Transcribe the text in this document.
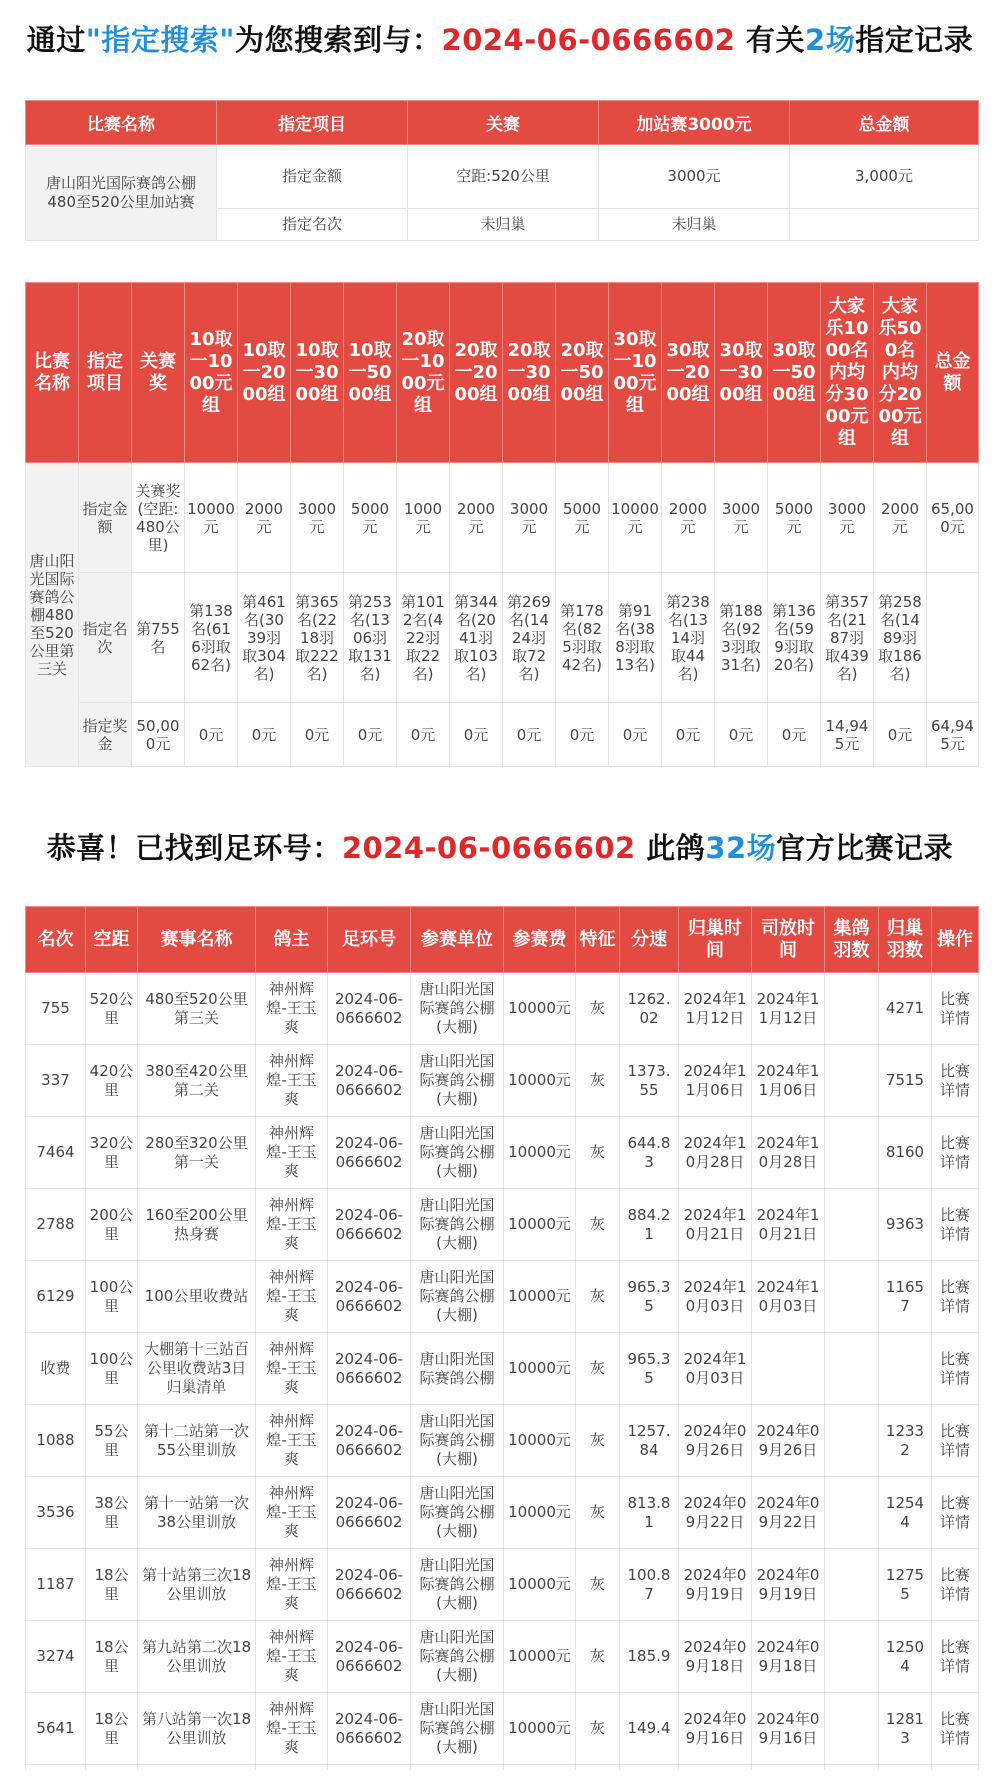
通过"指定搜索"为您搜索到与：2024-06-0666602 有关2场指定记录
比赛名称	指定项目	关赛	加站赛3000元	总金额
唐山阳光国际赛鸽公棚480至520公里加站赛	指定金额	空距:520公里	3000元	3,000元
	指定名次	未归巢	未归巢	
比赛名称	指定项目	关赛奖	10取一1000元组	10取一2000组	10取一3000组	10取一5000组	20取一1000元组	20取一2000组	20取一3000组	20取一5000组	30取一1000元组	30取一2000组	30取一3000组	30取一5000组	大家乐1000名内均分3000元组	大家乐500名内均分2000元组	总金额
唐山阳光国际赛鸽公棚480至520公里第三关	指定金额	关赛奖(空距:480公里)	10000元	2000元	3000元	5000元	1000元	2000元	3000元	5000元	10000元	2000元	3000元	5000元	3000元	2000元	65,000元
	指定名次	第755名	第138名(616羽取62名)	第461名(3039羽取304名)	第365名(2218羽取222名)	第253名(1306羽取131名)	第1012名(422羽取22名)	第344名(2041羽取103名)	第269名(1424羽取72名)	第178名(825羽取42名)	第91名(388羽取13名)	第238名(1314羽取44名)	第188名(923羽取31名)	第136名(599羽取20名)	第357名(2187羽取439名)	第258名(1489羽取186名)	
	指定奖金	50,000元	0元	0元	0元	0元	0元	0元	0元	0元	0元	0元	0元	0元	14,945元	0元	64,945元
恭喜！已找到足环号：2024-06-0666602 此鸽32场官方比赛记录
名次	空距	赛事名称	鸽主	足环号	参赛单位	参赛费	特征	分速	归巢时间	司放时间	集鸽羽数	归巢羽数	操作
755	520公里	480至520公里第三关	神州辉煌-王玉爽	2024-06-0666602	唐山阳光国际赛鸽公棚(大棚)	10000元	灰	1262.02	2024年11月12日	2024年11月12日		4271	比赛详情
337	420公里	380至420公里第二关	神州辉煌-王玉爽	2024-06-0666602	唐山阳光国际赛鸽公棚(大棚)	10000元	灰	1373.55	2024年11月06日	2024年11月06日		7515	比赛详情
7464	320公里	280至320公里第一关	神州辉煌-王玉爽	2024-06-0666602	唐山阳光国际赛鸽公棚(大棚)	10000元	灰	644.83	2024年10月28日	2024年10月28日		8160	比赛详情
2788	200公里	160至200公里热身赛	神州辉煌-王玉爽	2024-06-0666602	唐山阳光国际赛鸽公棚(大棚)	10000元	灰	884.21	2024年10月21日	2024年10月21日		9363	比赛详情
6129	100公里	100公里收费站	神州辉煌-王玉爽	2024-06-0666602	唐山阳光国际赛鸽公棚(大棚)	10000元	灰	965.35	2024年10月03日	2024年10月03日		11657	比赛详情
收费	100公里	大棚第十三站百公里收费站3日归巢清单	神州辉煌-王玉爽	2024-06-0666602	唐山阳光国际赛鸽公棚	10000元	灰	965.35	2024年10月03日				比赛详情
1088	55公里	第十二站第一次55公里训放	神州辉煌-王玉爽	2024-06-0666602	唐山阳光国际赛鸽公棚(大棚)	10000元	灰	1257.84	2024年09月26日	2024年09月26日		12332	比赛详情
3536	38公里	第十一站第一次38公里训放	神州辉煌-王玉爽	2024-06-0666602	唐山阳光国际赛鸽公棚(大棚)	10000元	灰	813.81	2024年09月22日	2024年09月22日		12544	比赛详情
1187	18公里	第十站第三次18公里训放	神州辉煌-王玉爽	2024-06-0666602	唐山阳光国际赛鸽公棚(大棚)	10000元	灰	100.87	2024年09月19日	2024年09月19日		12755	比赛详情
3274	18公里	第九站第二次18公里训放	神州辉煌-王玉爽	2024-06-0666602	唐山阳光国际赛鸽公棚(大棚)	10000元	灰	185.9	2024年09月18日	2024年09月18日		12504	比赛详情
5641	18公里	第八站第一次18公里训放	神州辉煌-王玉爽	2024-06-0666602	唐山阳光国际赛鸽公棚(大棚)	10000元	灰	149.4	2024年09月16日	2024年09月16日		12813	比赛详情
